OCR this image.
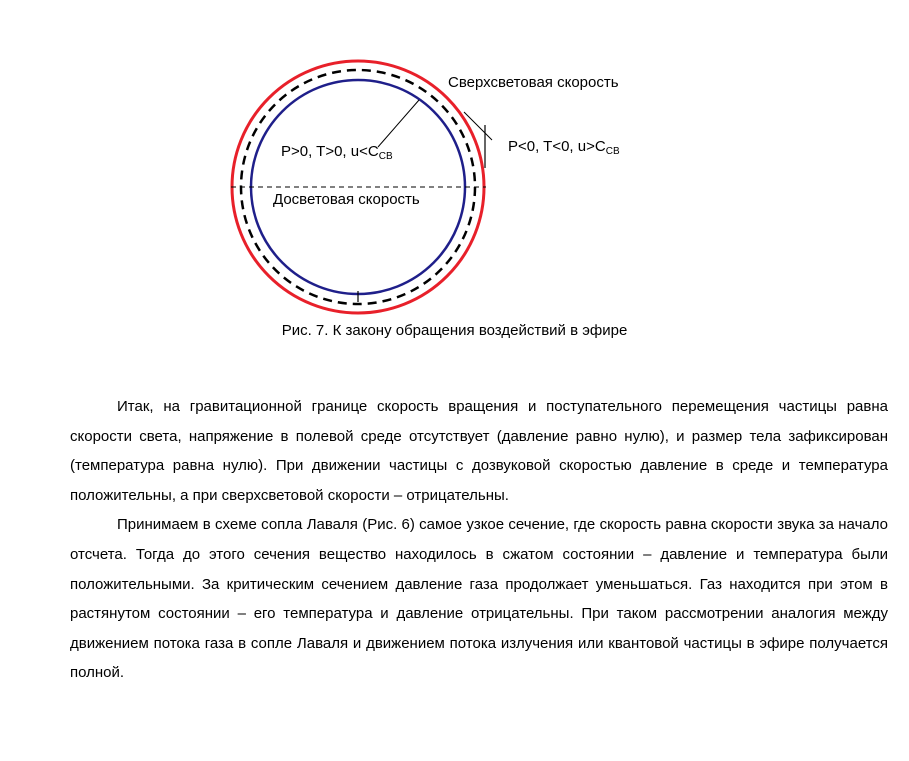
Сверхсветовая скорость
P>0, T>0, $u<C_{СВ}$
P<0, T<0, $u>C_{СВ}$
Досветовая скорость
Рис. 7. К закону обращения воздействий в эфире

Итак, на гравитационной границе скорость вращения и поступательного перемещения частицы равна скорости света, напряжение в полевой среде отсутствует (давление равно нулю), и размер тела зафиксирован (температура равна нулю). При движении частицы с дозвуковой скоростью давление в среде и температура положительны, а при сверхсветовой скорости – отрицательны.

Принимаем в схеме сопла Лаваля (Рис. 6) самое узкое сечение, где скорость равна скорости звука за начало отсчета. Тогда до этого сечения вещество находилось в сжатом состоянии – давление и температура были положительными. За критическим сечением давление газа продолжает уменьшаться. Газ находится при этом в растянутом состоянии – его температура и давление отрицательны. При таком рассмотрении аналогия между движением потока газа в сопле Лаваля и движением потока излучения или квантовой частицы в эфире получается полной.
